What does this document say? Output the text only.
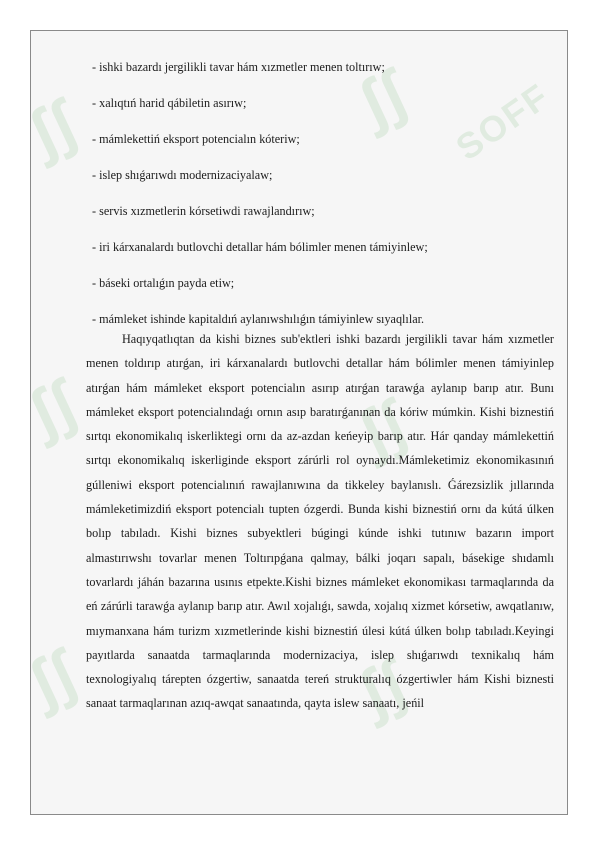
ʃʃ	ʃʃ SOFF
ʃʃ	ʃʃ
ʃʃ	ʃʃ
- ishki bazardı jergilikli tavar hám xızmetler menen toltırıw;
- xalıqtıń harid qábiletin asırıw;
- mámlekettiń eksport potencialın kóteriw;
- islep shıǵarıwdı modernizaciyalaw;
- servis xızmetlerin kórsetiwdi rawajlandırıw;
- iri kárxanalardı butlovchi detallar hám bólimler menen támiyinlew;
- báseki ortalıǵın payda etiw;
- mámleket ishinde kapitaldıń aylanıwshılıǵın támiyinlew sıyaqlılar.

Haqıyqatlıqtan da kishi biznes sub'ektleri ishki bazardı jergilikli tavar hám xızmetler menen toldırıp atırǵan, iri kárxanalardı butlovchi detallar hám bólimler menen támiyinlep atırǵan hám mámleket eksport potencialın asırıp atırǵan tarawǵa aylanıp barıp atır. Bunı mámleket eksport potencialındaǵı ornın asıp baratırǵanınan da kóriw múmkin. Kishi biznestiń sırtqı ekonomikalıq iskerliktegi ornı da az-azdan keńeyip barıp atır. Hár qanday mámlekettiń sırtqı ekonomikalıq iskerliginde eksport zárúrli rol oynaydı.Mámleketimiz ekonomikasınıń gúlleniwi eksport potencialınıń rawajlanıwına da tikkeley baylanıslı. Ǵárezsizlik jıllarında mámleketimizdiń eksport potencialı tupten ózgerdi. Bunda kishi biznestiń ornı da kútá úlken bolıp tabıladı. Kishi biznes subyektleri búgingi kúnde ishki tutınıw bazarın import almastırıwshı tovarlar menen Toltırıpǵana qalmay, bálki joqarı sapalı, básekige shıdamlı tovarlardı jáhán bazarına usınıs etpekte.Kishi biznes mámleket ekonomikası tarmaqlarında da eń zárúrli tarawǵa aylanıp barıp atır. Awıl xojalıǵı, sawda, xojalıq xizmet kórsetiw, awqatlanıw, mıymanxana hám turizm xızmetlerinde kishi biznestiń úlesi kútá úlken bolıp tabıladı.Keyingi payıtlarda sanaatda tarmaqlarında modernizaciya, islep shıǵarıwdı texnikalıq hám texnologiyalıq tárepten ózgertiw, sanaatda tereń strukturalıq ózgertiwler hám Kishi biznesti sanaat tarmaqlarınan azıq-awqat sanaatında, qayta islew sanaatı, jeńil
